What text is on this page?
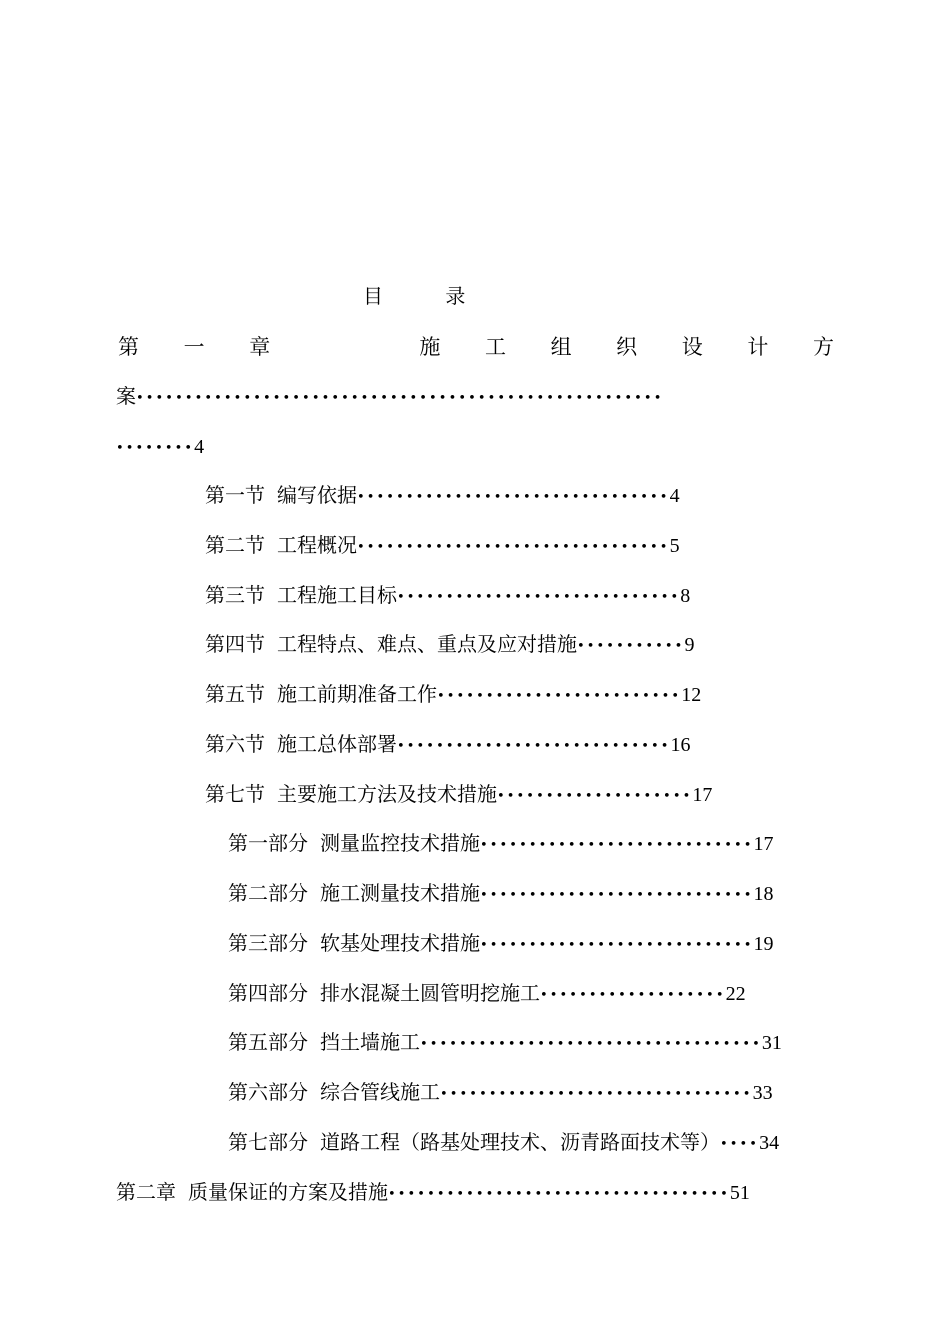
目 录
第 一 章	施 工 组 织 设 计 方
案••••••••••••••••••••••••••••••••••••••••••••••••••••••
••••••••4
第一节 编写依据••••••••••••••••••••••••••••••••4
第二节 工程概况••••••••••••••••••••••••••••••••5
第三节 工程施工目标•••••••••••••••••••••••••••••8
第四节 工程特点、难点、重点及应对措施•••••••••••9
第五节 施工前期准备工作•••••••••••••••••••••••••12
第六节 施工总体部署••••••••••••••••••••••••••••16
第七节 主要施工方法及技术措施••••••••••••••••••••17
第一部分 测量监控技术措施••••••••••••••••••••••••••••17
第二部分 施工测量技术措施••••••••••••••••••••••••••••18
第三部分 软基处理技术措施••••••••••••••••••••••••••••19
第四部分 排水混凝土圆管明挖施工•••••••••••••••••••22
第五部分 挡土墙施工•••••••••••••••••••••••••••••••••••31
第六部分 综合管线施工••••••••••••••••••••••••••••••••33
第七部分 道路工程（路基处理技术、沥青路面技术等）••••34
第二章 质量保证的方案及措施•••••••••••••••••••••••••••••••••••51
